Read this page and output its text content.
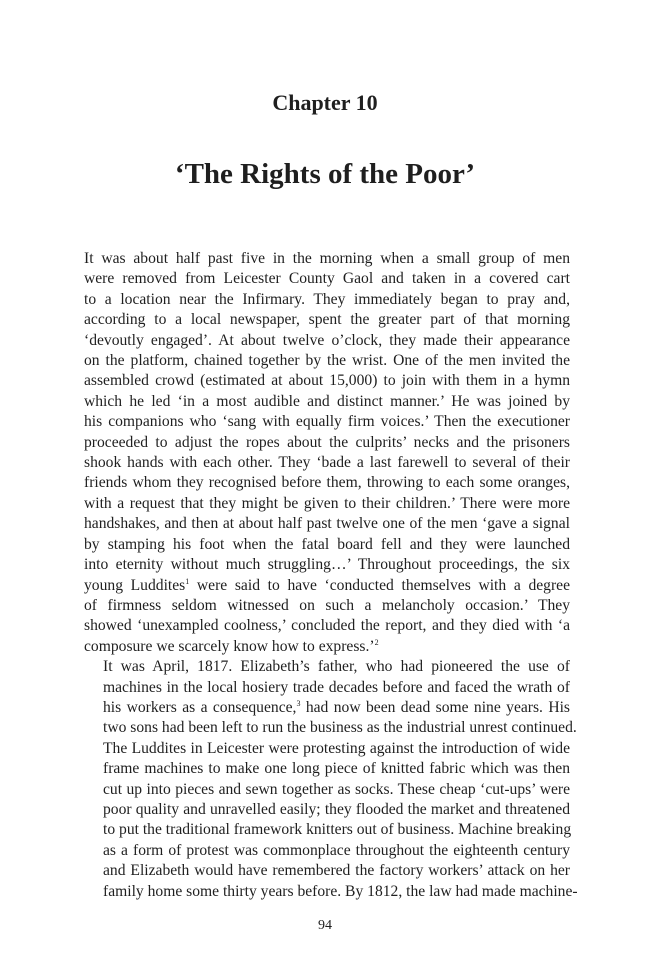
Chapter 10
‘The Rights of the Poor’

It was about half past five in the morning when a small group of men
were removed from Leicester County Gaol and taken in a covered cart
to a location near the Infirmary. They immediately began to pray and,
according to a local newspaper, spent the greater part of that morning
‘devoutly engaged’. At about twelve o’clock, they made their appearance
on the platform, chained together by the wrist. One of the men invited the
assembled crowd (estimated at about 15,000) to join with them in a hymn
which he led ‘in a most audible and distinct manner.’ He was joined by
his companions who ‘sang with equally firm voices.’ Then the executioner
proceeded to adjust the ropes about the culprits’ necks and the prisoners
shook hands with each other. They ‘bade a last farewell to several of their
friends whom they recognised before them, throwing to each some oranges,
with a request that they might be given to their children.’ There were more
handshakes, and then at about half past twelve one of the men ‘gave a signal
by stamping his foot when the fatal board fell and they were launched
into eternity without much struggling…’ Throughout proceedings, the six
young Luddites$^1$ were said to have ‘conducted themselves with a degree
of firmness seldom witnessed on such a melancholy occasion.’ They
showed ‘unexampled coolness,’ concluded the report, and they died with ‘a
composure we scarcely know how to express.’$^2$

It was April, 1817. Elizabeth’s father, who had pioneered the use of
machines in the local hosiery trade decades before and faced the wrath of
his workers as a consequence,$^3$ had now been dead some nine years. His
two sons had been left to run the business as the industrial unrest continued.
The Luddites in Leicester were protesting against the introduction of wide
frame machines to make one long piece of knitted fabric which was then
cut up into pieces and sewn together as socks. These cheap ‘cut-ups’ were
poor quality and unravelled easily; they flooded the market and threatened
to put the traditional framework knitters out of business. Machine breaking
as a form of protest was commonplace throughout the eighteenth century
and Elizabeth would have remembered the factory workers’ attack on her
family home some thirty years before. By 1812, the law had made machine-

94
